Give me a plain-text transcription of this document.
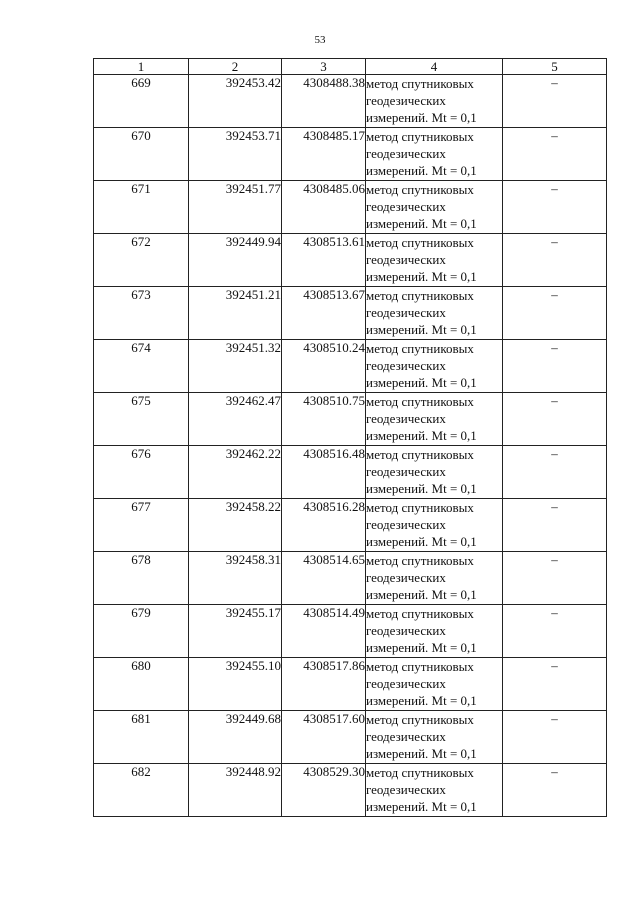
53
1	2	3	4	5
669	392453.42	4308488.38	метод спутниковых
геодезических
измерений. Mt = 0,1	–
670	392453.71	4308485.17	метод спутниковых
геодезических
измерений. Mt = 0,1	–
671	392451.77	4308485.06	метод спутниковых
геодезических
измерений. Mt = 0,1	–
672	392449.94	4308513.61	метод спутниковых
геодезических
измерений. Mt = 0,1	–
673	392451.21	4308513.67	метод спутниковых
геодезических
измерений. Mt = 0,1	–
674	392451.32	4308510.24	метод спутниковых
геодезических
измерений. Mt = 0,1	–
675	392462.47	4308510.75	метод спутниковых
геодезических
измерений. Mt = 0,1	–
676	392462.22	4308516.48	метод спутниковых
геодезических
измерений. Mt = 0,1	–
677	392458.22	4308516.28	метод спутниковых
геодезических
измерений. Mt = 0,1	–
678	392458.31	4308514.65	метод спутниковых
геодезических
измерений. Mt = 0,1	–
679	392455.17	4308514.49	метод спутниковых
геодезических
измерений. Mt = 0,1	–
680	392455.10	4308517.86	метод спутниковых
геодезических
измерений. Mt = 0,1	–
681	392449.68	4308517.60	метод спутниковых
геодезических
измерений. Mt = 0,1	–
682	392448.92	4308529.30	метод спутниковых
геодезических
измерений. Mt = 0,1	–
